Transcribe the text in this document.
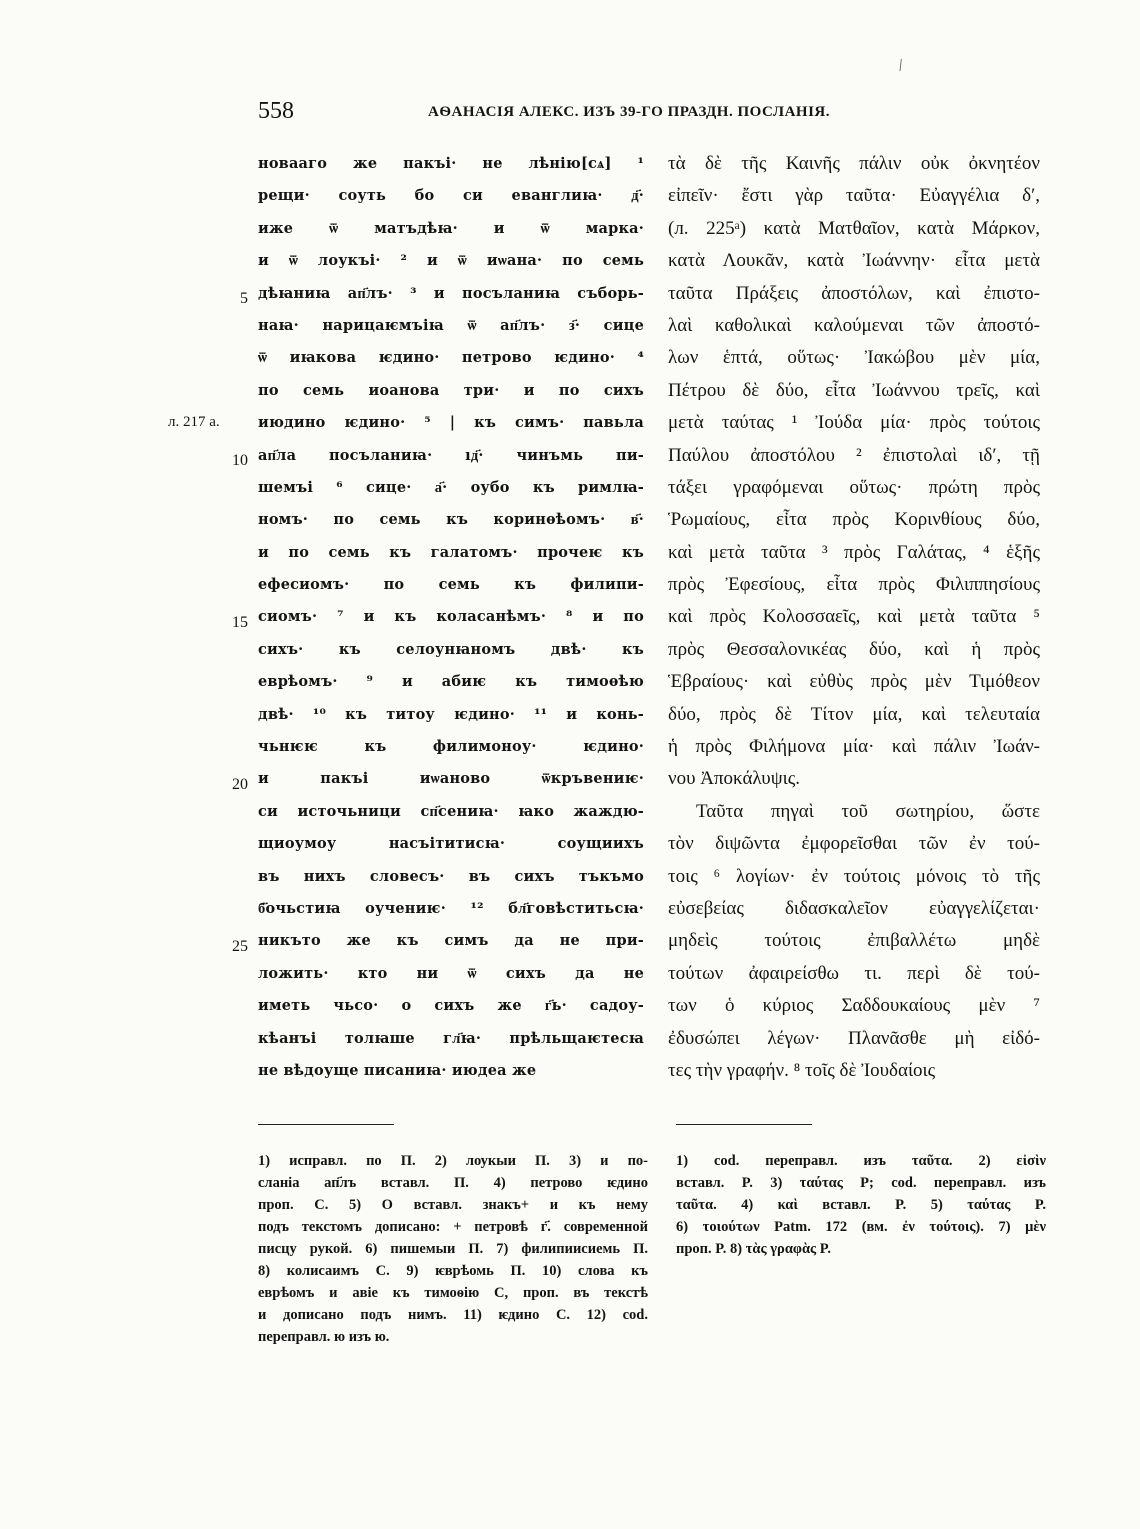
⁄
558	АѲАНАСІЯ АЛЕКС. ИЗЪ 39-ГО ПРАЗДН. ПОСЛАНІЯ.
л. 217 а.
5
10
15
20
25
новааго же пакъі· не лѣнію[сѧ] ¹
рещи· соуть бо си еванглиꙗ· д҃·
иже ѿ матъдѣꙗ· и ѿ марка·
и ѿ лоукъі· ² и ѿ иѡана· по семь
дѣꙗниꙗ ап҃лъ· ³ и посъланиꙗ съборь-
наꙗ· нарицаѥмъіꙗ ѿ ап҃лъ· з҃· сице
ѿ иꙗкова ѥдино· петрово ѥдино· ⁴
по семь иоанова три· и по сихъ
июдино ѥдино· ⁵ | къ симъ· павьла
ап҃ла посъланиꙗ· ıд҃· чинъмь пи-
шемъі ⁶ сице· а҃· оубо къ римлꙗ-
номъ· по семь къ коринѳѣомъ· в҃·
и по семь къ галатомъ· прочеѥ къ
ефесиомъ· по семь къ филипи-
сиомъ· ⁷ и къ коласанѣмъ· ⁸ и по
сихъ· къ селоунꙗномъ двѣ· къ
еврѣомъ· ⁹ и абиѥ къ тимоѳѣю
двѣ· ¹⁰ къ титоу ѥдино· ¹¹ и конь-
чьнѥѥ къ филимоноу· ѥдино·
и пакъі иѡаново ѿкръвениѥ·
си источьници сп҃сениꙗ· ꙗко жаждю-
щиоумоу насъітитисꙗ· соущиихъ
въ нихъ словесъ· въ сихъ тъкъмо
б҃очьстиꙗ оучениѥ· ¹² бл҃говѣститьсꙗ·
никъто же къ симъ да не при-
ложить· кто ни ѿ сихъ да не
иметь чьсо· о сихъ же г҃ь· садоу-
кѣанъі толꙗше гл҃ꙗ· прѣльщаѥтесꙗ
не вѣдоуще писаниꙗ· июдеа же
τὰ δὲ τῆς Καινῆς πάλιν οὐκ ὀκνητέον
εἰπεῖν· ἔστι γὰρ ταῦτα· Εὐαγγέλια δʹ,
(л. 225ᵃ) κατὰ Ματθαῖον, κατὰ Μάρκον,
κατὰ Λουκᾶν, κατὰ Ἰωάννην· εἶτα μετὰ
ταῦτα Πράξεις ἀποστόλων, καὶ ἐπιστο-
λαὶ καθολικαὶ καλούμεναι τῶν ἀποστό-
λων ἑπτά, οὕτως· Ἰακώβου μὲν μία,
Πέτρου δὲ δύο, εἶτα Ἰωάννου τρεῖς, καὶ
μετὰ ταύτας ¹ Ἰούδα μία· πρὸς τούτοις
Παύλου ἀποστόλου ² ἐπιστολαὶ ιδʹ, τῇ
τάξει γραφόμεναι οὕτως· πρώτη πρὸς
Ῥωμαίους, εἶτα πρὸς Κορινθίους δύο,
καὶ μετὰ ταῦτα ³ πρὸς Γαλάτας, ⁴ ἑξῆς
πρὸς Ἐφεσίους, εἶτα πρὸς Φιλιππησίους
καὶ πρὸς Κολοσσαεῖς, καὶ μετὰ ταῦτα ⁵
πρὸς Θεσσαλονικέας δύο, καὶ ἡ πρὸς
Ἑβραίους· καὶ εὐθὺς πρὸς μὲν Τιμόθεον
δύο, πρὸς δὲ Τίτον μία, καὶ τελευταία
ἡ πρὸς Φιλήμονα μία· καὶ πάλιν Ἰωάν-
νου Ἀποκάλυψις.
Ταῦτα πηγαὶ τοῦ σωτηρίου, ὥστε
τὸν διψῶντα ἐμφορεῖσθαι τῶν ἐν τού-
τοις ⁶ λογίων· ἐν τούτοις μόνοις τὸ τῆς
εὐσεβείας διδασκαλεῖον εὐαγγελίζεται·
μηδεὶς τούτοις ἐπιβαλλέτω μηδὲ
τούτων ἀφαιρείσθω τι. περὶ δὲ τού-
των ὁ κύριος Σαδδουκαίους μὲν ⁷
ἐδυσώπει λέγων· Πλανᾶσθε μὴ εἰδό-
τες τὴν γραφήν. ⁸ τοῖς δὲ Ἰουδαίοις
1) исправл. по П. 2) лоукыи П. 3) и по-
сланіа ап҃лъ вставл. П. 4) петрово ѥдино
проп. С. 5) О вставл. знакъ+ и къ нему
подъ текстомъ дописано: + петровѣ г҃. современной
писцу рукой. 6) пишемыи П. 7) филипиисиемь П.
8) колисаимъ С. 9) ѥврѣомь П. 10) слова къ
еврѣомъ и авіе къ тимоѳію С, проп. въ текстѣ
и дописано подъ нимъ. 11) ѥдино С. 12) cod.
переправл. ю изъ ю.
1) cod. переправл. изъ ταῦτα. 2) εἰσὶν
вставл. P. 3) ταύτας P; cod. переправл. изъ
ταῦτα. 4) καὶ вставл. P. 5) ταύτας P.
6) τοιούτων Patm. 172 (вм. ἐν τούτοις). 7) μὲν
проп. P. 8) τὰς γραφὰς P.
